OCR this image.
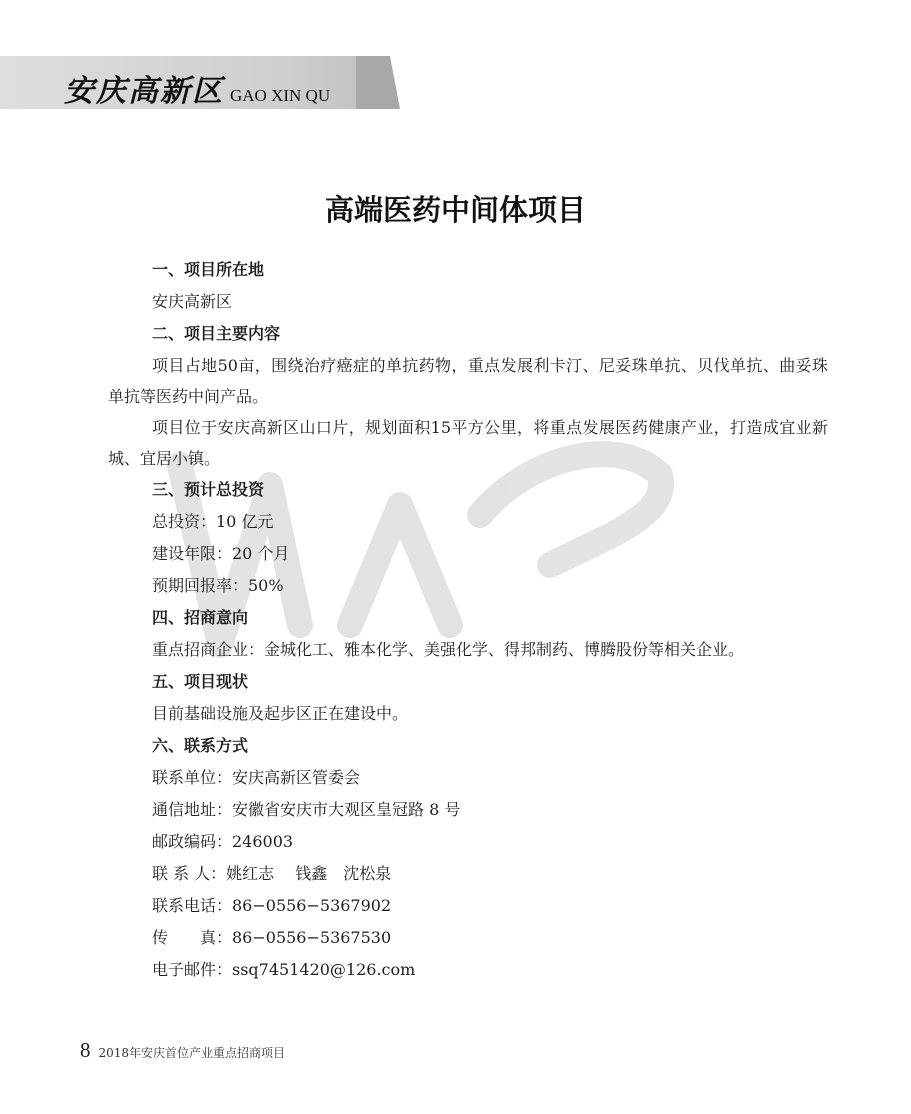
安庆高新区 GAO XIN QU
高端医药中间体项目
一、项目所在地
安庆高新区
二、项目主要内容

项目占地50亩，围绕治疗癌症的单抗药物，重点发展利卡汀、尼妥珠单抗、贝伐单抗、曲妥珠单抗等医药中间产品。

项目位于安庆高新区山口片，规划面积15平方公里，将重点发展医药健康产业，打造成宜业新城、宜居小镇。

三、预计总投资
总投资：10 亿元
建设年限：20 个月
预期回报率：50%
四、招商意向
重点招商企业：金城化工、雅本化学、美强化学、得邦制药、博腾股份等相关企业。
五、项目现状
目前基础设施及起步区正在建设中。
六、联系方式
联系单位：安庆高新区管委会
通信地址：安徽省安庆市大观区皇冠路 8 号
邮政编码：246003
联 系 人：姚红志　 钱鑫　沈松泉
联系电话：86−0556−5367902
传　　真：86−0556−5367530
电子邮件：ssq7451420@126.com
8 2018年安庆首位产业重点招商项目
